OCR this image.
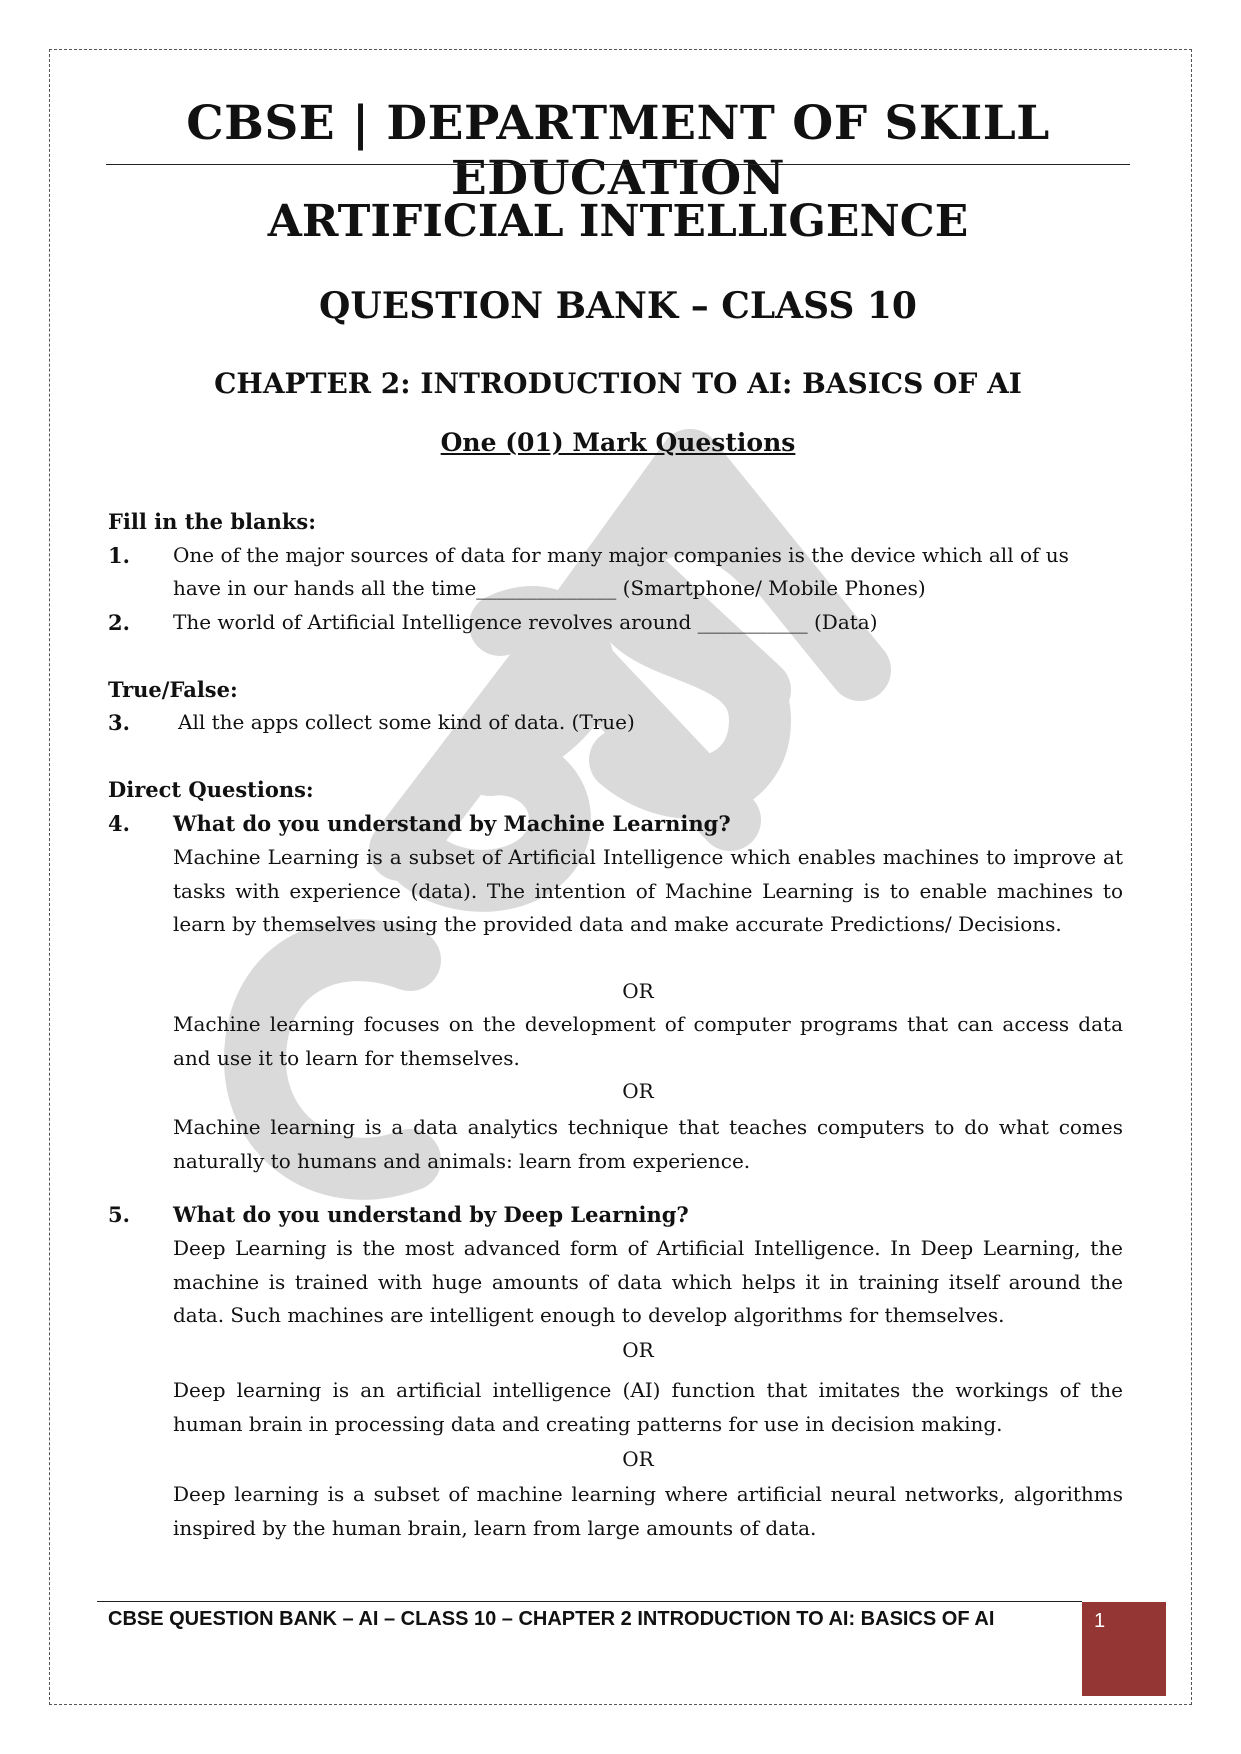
CBSE | DEPARTMENT OF SKILL EDUCATION
ARTIFICIAL INTELLIGENCE
QUESTION BANK – CLASS 10
CHAPTER 2: INTRODUCTION TO AI: BASICS OF AI
One (01) Mark Questions
Fill in the blanks:
1. One of the major sources of data for many major companies is the device which all of us
have in our hands all the time______________ (Smartphone/ Mobile Phones)
2. The world of Artificial Intelligence revolves around ___________ (Data)
True/False:
3. All the apps collect some kind of data. (True)
Direct Questions:
4. What do you understand by Machine Learning?
Machine Learning is a subset of Artificial Intelligence which enables machines to improve at tasks with experience (data). The intention of Machine Learning is to enable machines to learn by themselves using the provided data and make accurate Predictions/ Decisions.
OR
Machine learning focuses on the development of computer programs that can access data and use it to learn for themselves.
OR
Machine learning is a data analytics technique that teaches computers to do what comes naturally to humans and animals: learn from experience.
5. What do you understand by Deep Learning?
Deep Learning is the most advanced form of Artificial Intelligence. In Deep Learning, the machine is trained with huge amounts of data which helps it in training itself around the data. Such machines are intelligent enough to develop algorithms for themselves.
OR
Deep learning is an artificial intelligence (AI) function that imitates the workings of the human brain in processing data and creating patterns for use in decision making.
OR
Deep learning is a subset of machine learning where artificial neural networks, algorithms inspired by the human brain, learn from large amounts of data.
CBSE QUESTION BANK – AI – CLASS 10 – CHAPTER 2 INTRODUCTION TO AI: BASICS OF AI	1
